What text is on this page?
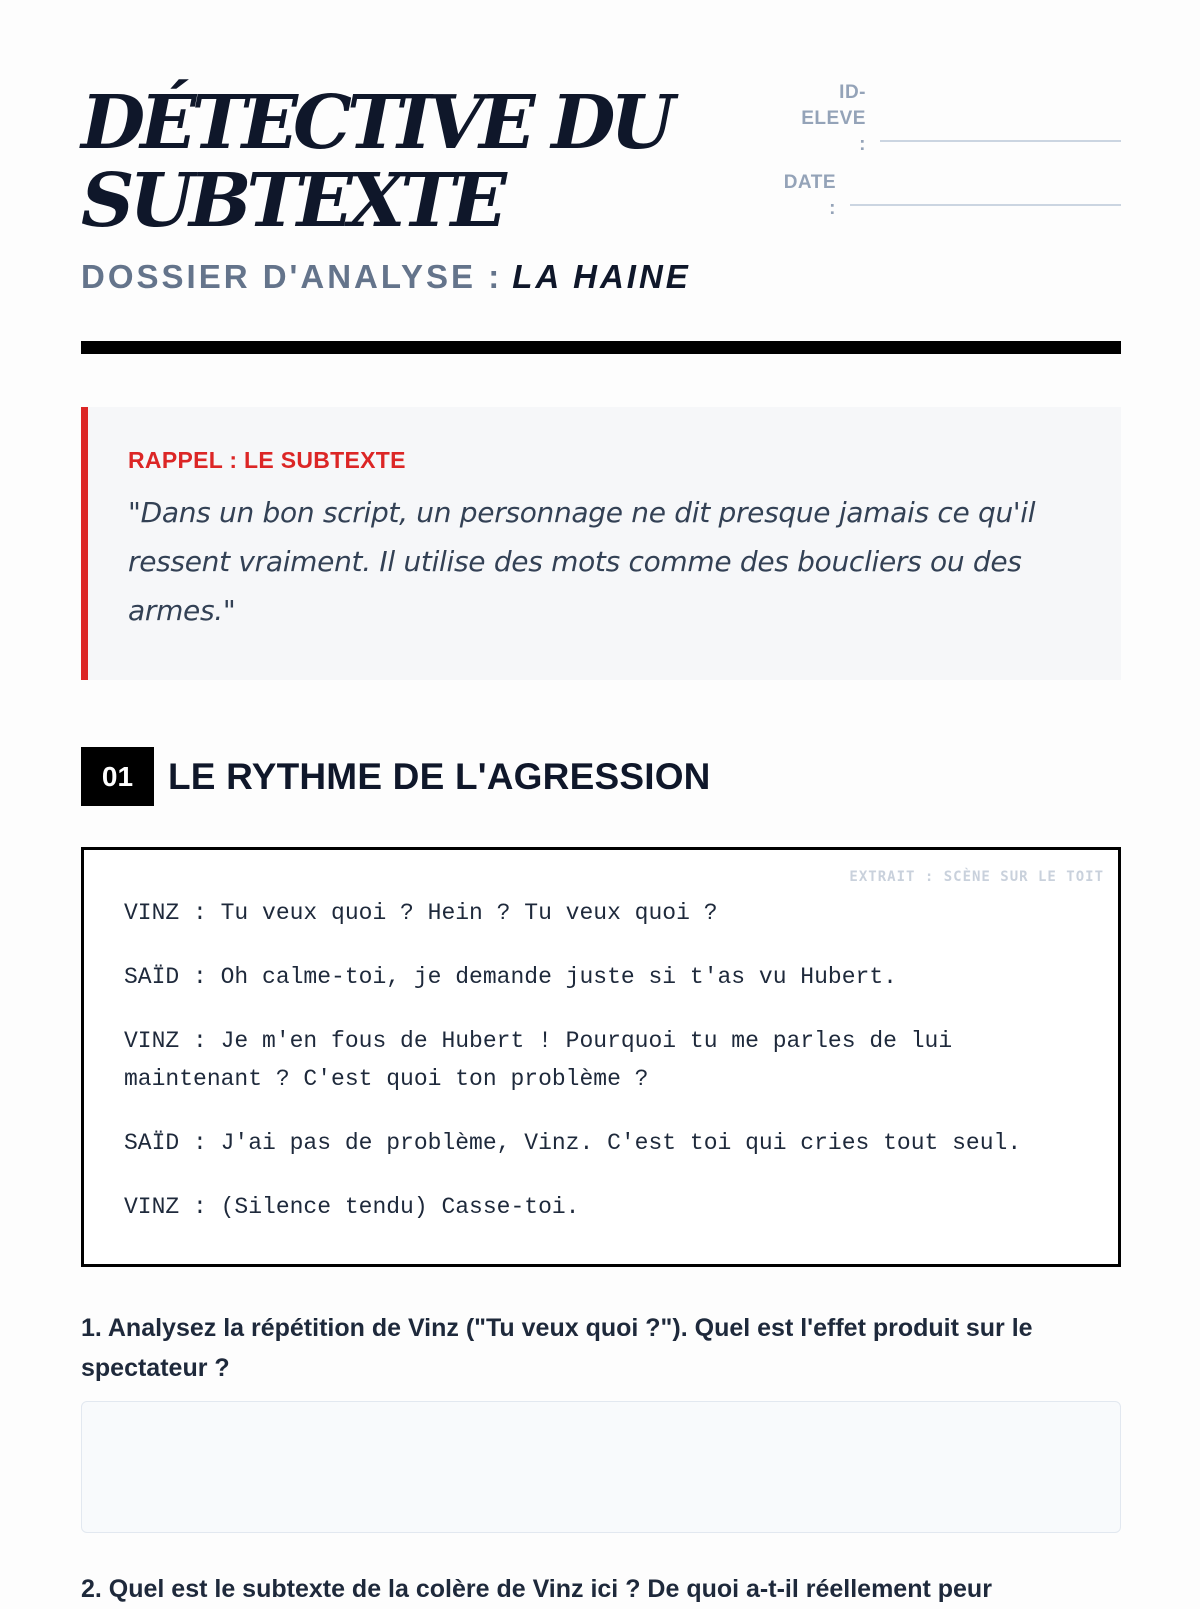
DÉTECTIVE DU
SUBTEXTE

DOSSIER D'ANALYSE : LA HAINE

ID-ELEVE
:
DATE
:

RAPPEL : LE SUBTEXTE

"Dans un bon script, un personnage ne dit presque jamais ce qu'il ressent vraiment. Il utilise des mots comme des boucliers ou des armes."

01 LE RYTHME DE L'AGRESSION
EXTRAIT : SCÈNE SUR LE TOIT

VINZ : Tu veux quoi ? Hein ? Tu veux quoi ?

SAÏD : Oh calme-toi, je demande juste si t'as vu Hubert.

VINZ : Je m'en fous de Hubert ! Pourquoi tu me parles de lui maintenant ? C'est quoi ton problème ?

SAÏD : J'ai pas de problème, Vinz. C'est toi qui cries tout seul.

VINZ : (Silence tendu) Casse-toi.

1. Analysez la répétition de Vinz ("Tu veux quoi ?"). Quel est l'effet produit sur le spectateur ?

2. Quel est le subtexte de la colère de Vinz ici ? De quoi a-t-il réellement peur
